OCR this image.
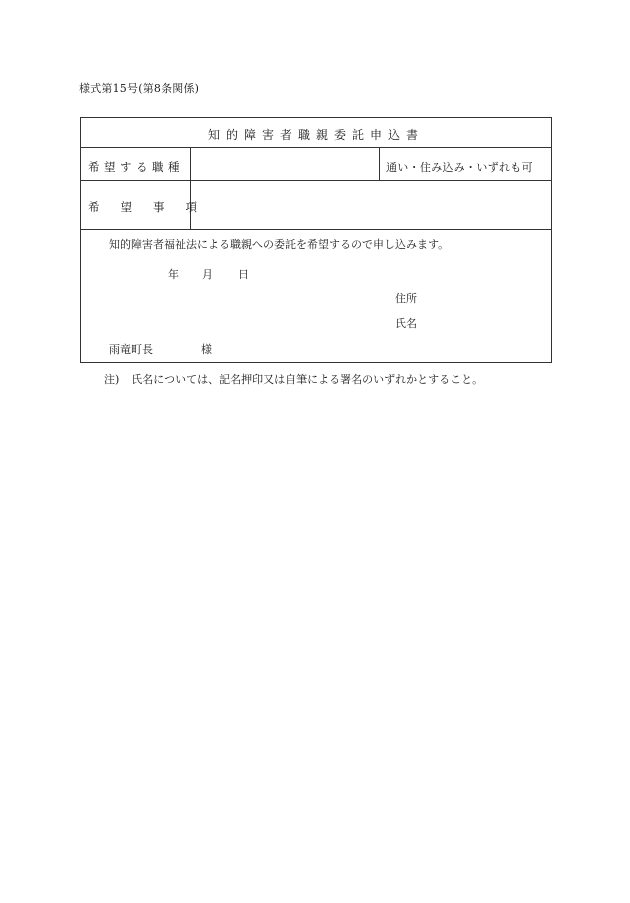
様式第15号(第8条関係)
知的障害者職親委託申込書
希望する職種	通い・住み込み・いずれも可
希望事項
知的障害者福祉法による職親への委託を希望するので申し込みます。
年 月 日
住所
氏名
雨竜町長	様
注) 氏名については、記名押印又は自筆による署名のいずれかとすること。
